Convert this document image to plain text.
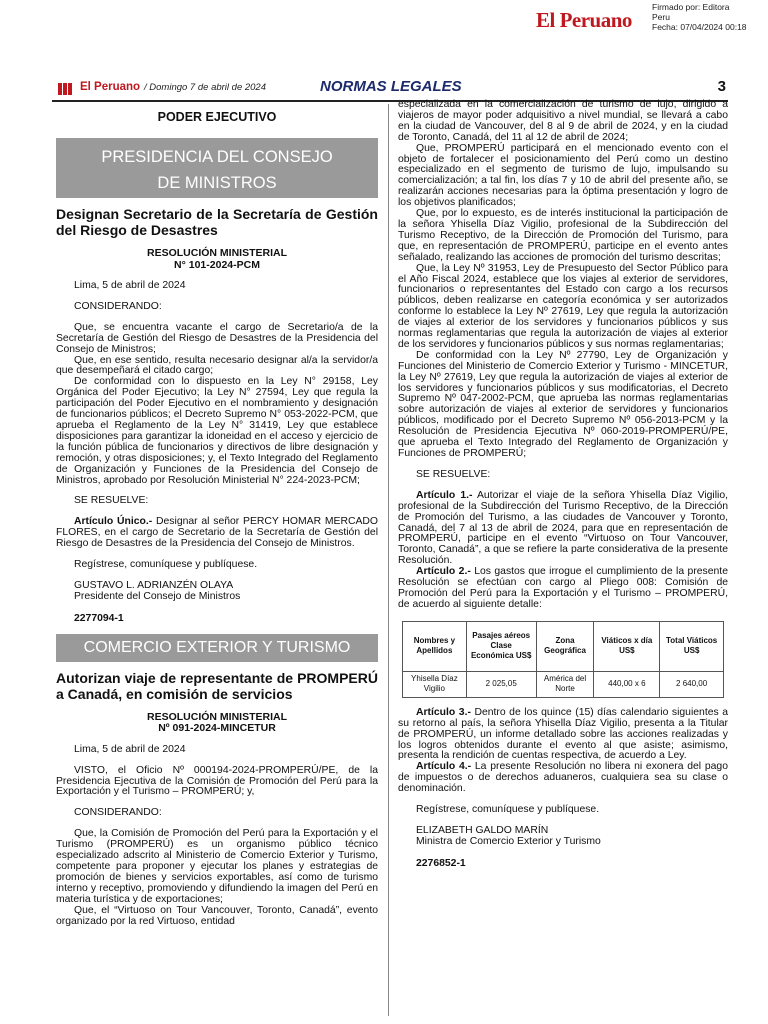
El Peruano
Firmado por: Editora
Peru
Fecha: 07/04/2024 00:18
El Peruano / Domingo 7 de abril de 2024	NORMAS LEGALES	3
PODER EJECUTIVO
PRESIDENCIA DEL CONSEJO
DE MINISTROS
Designan Secretario de la Secretaría de Gestión del Riesgo de Desastres
RESOLUCIÓN MINISTERIAL
N° 101-2024-PCM
Lima, 5 de abril de 2024
CONSIDERANDO:
Que, se encuentra vacante el cargo de Secretario/a de la Secretaría de Gestión del Riesgo de Desastres de la Presidencia del Consejo de Ministros;
Que, en ese sentido, resulta necesario designar al/a la servidor/a que desempeñará el citado cargo;
De conformidad con lo dispuesto en la Ley N° 29158, Ley Orgánica del Poder Ejecutivo; la Ley N° 27594, Ley que regula la participación del Poder Ejecutivo en el nombramiento y designación de funcionarios públicos; el Decreto Supremo N° 053-2022-PCM, que aprueba el Reglamento de la Ley N° 31419, Ley que establece disposiciones para garantizar la idoneidad en el acceso y ejercicio de la función pública de funcionarios y directivos de libre designación y remoción, y otras disposiciones; y, el Texto Integrado del Reglamento de Organización y Funciones de la Presidencia del Consejo de Ministros, aprobado por Resolución Ministerial N° 224-2023-PCM;
SE RESUELVE:
Artículo Único.- Designar al señor PERCY HOMAR MERCADO FLORES, en el cargo de Secretario de la Secretaría de Gestión del Riesgo de Desastres de la Presidencia del Consejo de Ministros.
Regístrese, comuníquese y publíquese.
GUSTAVO L. ADRIANZÉN OLAYA
Presidente del Consejo de Ministros
2277094-1
COMERCIO EXTERIOR Y TURISMO
Autorizan viaje de representante de PROMPERÚ a Canadá, en comisión de servicios
RESOLUCIÓN MINISTERIAL
Nº 091-2024-MINCETUR
Lima, 5 de abril de 2024
VISTO, el Oficio Nº 000194-2024-PROMPERÚ/PE, de la Presidencia Ejecutiva de la Comisión de Promoción del Perú para la Exportación y el Turismo – PROMPERÚ; y,
CONSIDERANDO:
Que, la Comisión de Promoción del Perú para la Exportación y el Turismo (PROMPERÚ) es un organismo público técnico especializado adscrito al Ministerio de Comercio Exterior y Turismo, competente para proponer y ejecutar los planes y estrategias de promoción de bienes y servicios exportables, así como de turismo interno y receptivo, promoviendo y difundiendo la imagen del Perú en materia turística y de exportaciones;
Que, el “Virtuoso on Tour Vancouver, Toronto, Canadá”, evento organizado por la red Virtuoso, entidad
especializada en la comercialización de turismo de lujo, dirigido a viajeros de mayor poder adquisitivo a nivel mundial, se llevará a cabo en la ciudad de Vancouver, del 8 al 9 de abril de 2024, y en la ciudad de Toronto, Canadá, del 11 al 12 de abril de 2024;
Que, PROMPERÚ participará en el mencionado evento con el objeto de fortalecer el posicionamiento del Perú como un destino especializado en el segmento de turismo de lujo, impulsando su comercialización; a tal fin, los días 7 y 10 de abril del presente año, se realizarán acciones necesarias para la óptima presentación y logro de los objetivos planificados;
Que, por lo expuesto, es de interés institucional la participación de la señora Yhisella Díaz Vigilio, profesional de la Subdirección del Turismo Receptivo, de la Dirección de Promoción del Turismo, para que, en representación de PROMPERÚ, participe en el evento antes señalado, realizando las acciones de promoción del turismo descritas;
Que, la Ley Nº 31953, Ley de Presupuesto del Sector Público para el Año Fiscal 2024, establece que los viajes al exterior de servidores, funcionarios o representantes del Estado con cargo a los recursos públicos, deben realizarse en categoría económica y ser autorizados conforme lo establece la Ley Nº 27619, Ley que regula la autorización de viajes al exterior de los servidores y funcionarios públicos y sus normas reglamentarias que regula la autorización de viajes al exterior de los servidores y funcionarios públicos y sus normas reglamentarias;
De conformidad con la Ley Nº 27790, Ley de Organización y Funciones del Ministerio de Comercio Exterior y Turismo - MINCETUR, la Ley Nº 27619, Ley que regula la autorización de viajes al exterior de los servidores y funcionarios públicos y sus modificatorias, el Decreto Supremo Nº 047-2002-PCM, que aprueba las normas reglamentarias sobre autorización de viajes al exterior de servidores y funcionarios públicos, modificado por el Decreto Supremo Nº 056-2013-PCM y la Resolución de Presidencia Ejecutiva Nº 060-2019-PROMPERÚ/PE, que aprueba el Texto Integrado del Reglamento de Organización y Funciones de PROMPERÚ;
SE RESUELVE:
Artículo 1.- Autorizar el viaje de la señora Yhisella Díaz Vigilio, profesional de la Subdirección del Turismo Receptivo, de la Dirección de Promoción del Turismo, a las ciudades de Vancouver y Toronto, Canadá, del 7 al 13 de abril de 2024, para que en representación de PROMPERÚ, participe en el evento “Virtuoso on Tour Vancouver, Toronto, Canadá”, a que se refiere la parte considerativa de la presente Resolución.
Artículo 2.- Los gastos que irrogue el cumplimiento de la presente Resolución se efectúan con cargo al Pliego 008: Comisión de Promoción del Perú para la Exportación y el Turismo – PROMPERÚ, de acuerdo al siguiente detalle:
Nombres y Apellidos	Pasajes aéreos Clase Económica US$	Zona Geográfica	Viáticos x día US$	Total Viáticos US$
Yhisella Díaz Vigilio	2 025,05	América del Norte	440,00 x 6	2 640,00
Artículo 3.- Dentro de los quince (15) días calendario siguientes a su retorno al país, la señora Yhisella Díaz Vigilio, presenta a la Titular de PROMPERÚ, un informe detallado sobre las acciones realizadas y los logros obtenidos durante el evento al que asiste; asimismo, presenta la rendición de cuentas respectiva, de acuerdo a Ley.
Artículo 4.- La presente Resolución no libera ni exonera del pago de impuestos o de derechos aduaneros, cualquiera sea su clase o denominación.
Regístrese, comuníquese y publíquese.
ELIZABETH GALDO MARÍN
Ministra de Comercio Exterior y Turismo
2276852-1
